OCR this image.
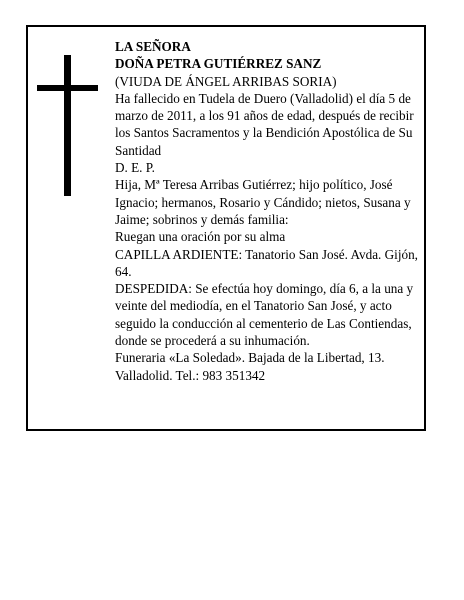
LA SEÑORA

DOÑA PETRA GUTIÉRREZ SANZ

(VIUDA DE ÁNGEL ARRIBAS SORIA)

Ha fallecido en Tudela de Duero (Valladolid) el día 5 de marzo de 2011, a los 91 años de edad, después de recibir los Santos Sacramentos y la Bendición Apostólica de Su Santidad

D. E. P.

Hija, Mª Teresa Arribas Gutiérrez; hijo político, José Ignacio; hermanos, Rosario y Cándido; nietos, Susana y Jaime; sobrinos y demás familia:

Ruegan una oración por su alma

CAPILLA ARDIENTE: Tanatorio San José. Avda. Gijón, 64.

DESPEDIDA: Se efectúa hoy domingo, día 6, a la una y veinte del mediodía, en el Tanatorio San José, y acto seguido la conducción al cementerio de Las Contiendas, donde se procederá a su inhumación.

Funeraria «La Soledad». Bajada de la Libertad, 13. Valladolid. Tel.: 983 351342
